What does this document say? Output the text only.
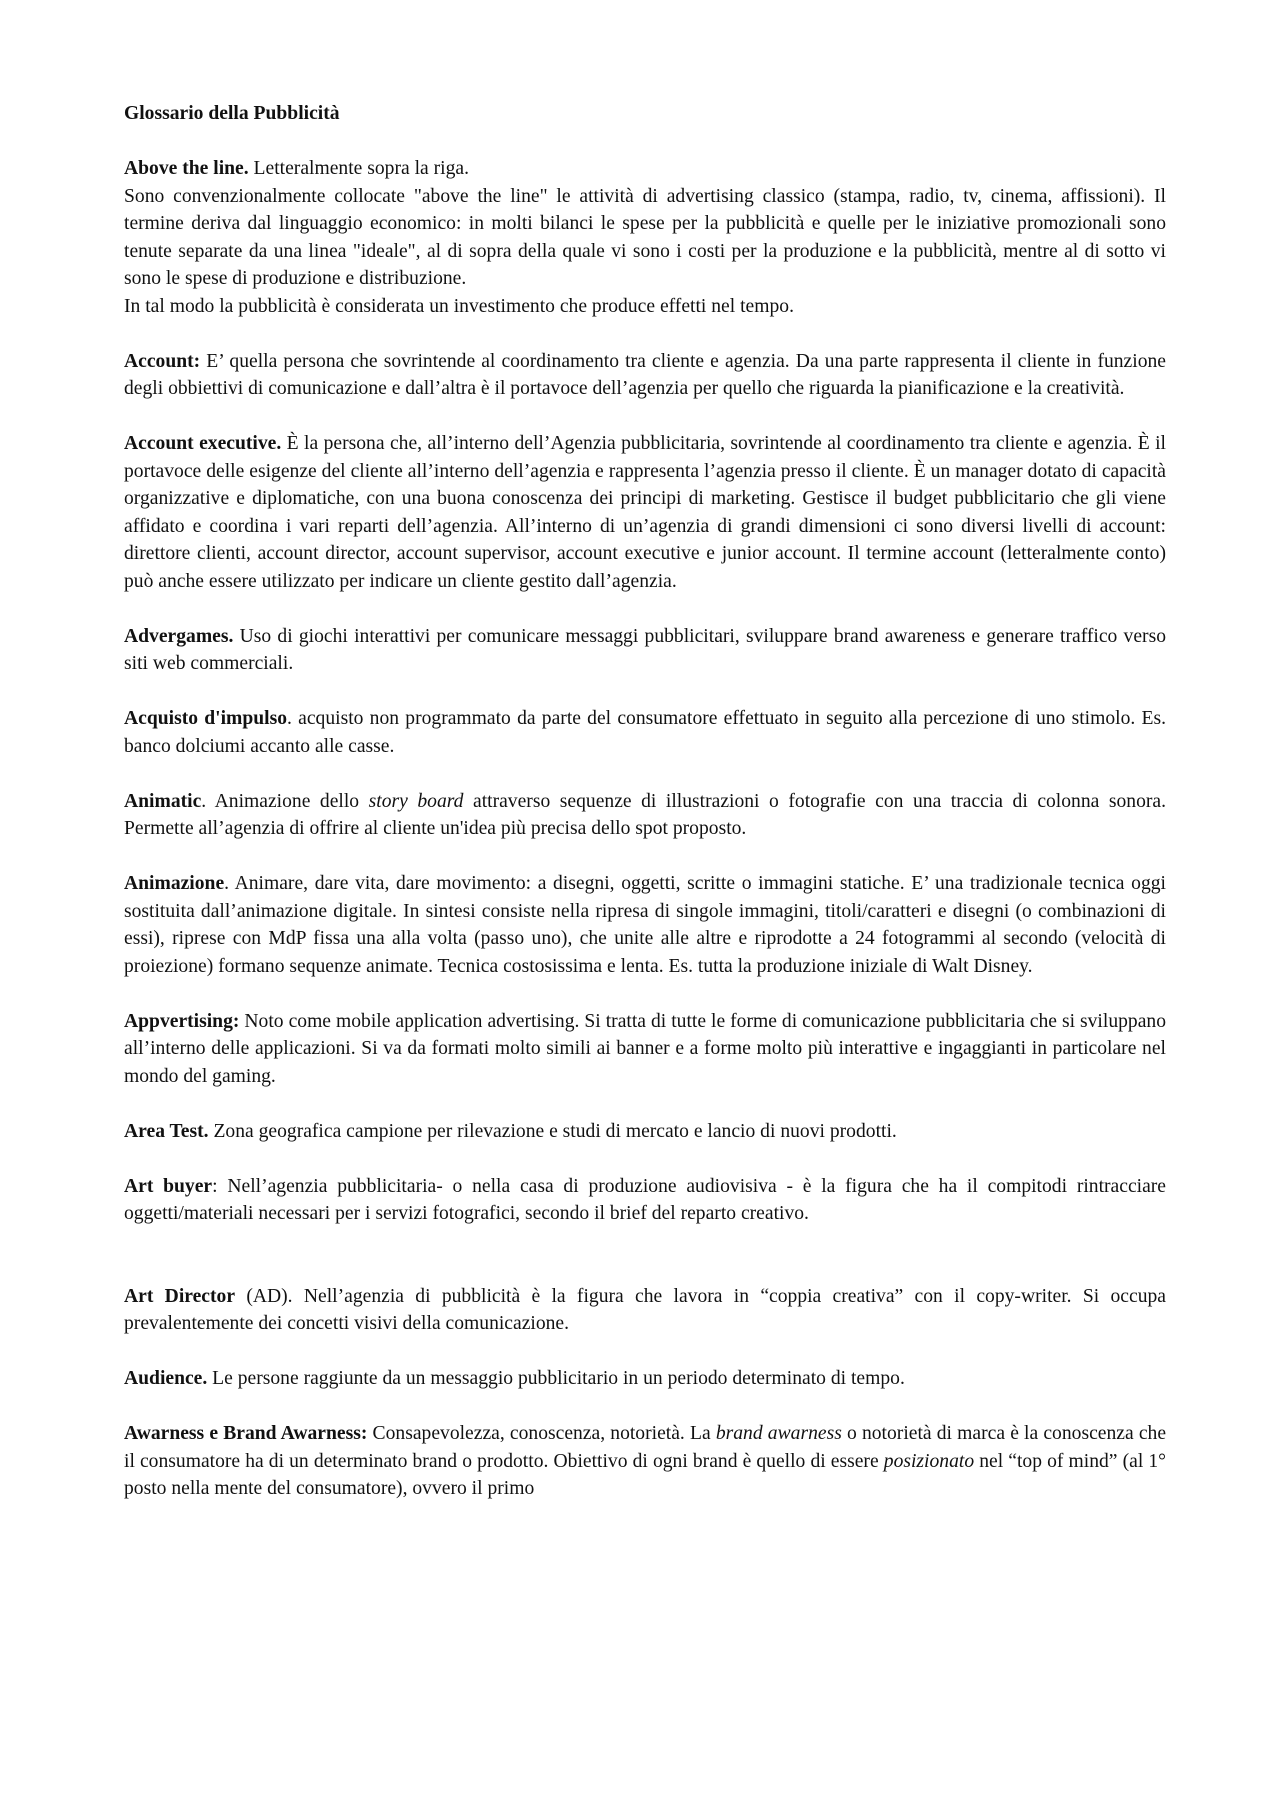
Glossario della Pubblicità

Above the line. Letteralmente sopra la riga.

Sono convenzionalmente collocate "above the line" le attività di advertising classico (stampa, radio, tv, cinema, affissioni). Il termine deriva dal linguaggio economico: in molti bilanci le spese per la pubblicità e quelle per le iniziative promozionali sono tenute separate da una linea "ideale", al di sopra della quale vi sono i costi per la produzione e la pubblicità, mentre al di sotto vi sono le spese di produzione e distribuzione.

In tal modo la pubblicità è considerata un investimento che produce effetti nel tempo.

Account: E’ quella persona che sovrintende al coordinamento tra cliente e agenzia. Da una parte rappresenta il cliente in funzione degli obbiettivi di comunicazione e dall’altra è il portavoce dell’agenzia per quello che riguarda la pianificazione e la creatività.

Account executive. È la persona che, all’interno dell’Agenzia pubblicitaria, sovrintende al coordinamento tra cliente e agenzia. È il portavoce delle esigenze del cliente all’interno dell’agenzia e rappresenta l’agenzia presso il cliente. È un manager dotato di capacità organizzative e diplomatiche, con una buona conoscenza dei principi di marketing. Gestisce il budget pubblicitario che gli viene affidato e coordina i vari reparti dell’agenzia. All’interno di un’agenzia di grandi dimensioni ci sono diversi livelli di account: direttore clienti, account director, account supervisor, account executive e junior account. Il termine account (letteralmente conto) può anche essere utilizzato per indicare un cliente gestito dall’agenzia.

Advergames. Uso di giochi interattivi per comunicare messaggi pubblicitari, sviluppare brand awareness e generare traffico verso siti web commerciali.

Acquisto d'impulso. acquisto non programmato da parte del consumatore effettuato in seguito alla percezione di uno stimolo. Es. banco dolciumi accanto alle casse.

Animatic. Animazione dello story board attraverso sequenze di illustrazioni o fotografie con una traccia di colonna sonora. Permette all’agenzia di offrire al cliente un'idea più precisa dello spot proposto.

Animazione. Animare, dare vita, dare movimento: a disegni, oggetti, scritte o immagini statiche. E’ una tradizionale tecnica oggi sostituita dall’animazione digitale. In sintesi consiste nella ripresa di singole immagini, titoli/caratteri e disegni (o combinazioni di essi), riprese con MdP fissa una alla volta (passo uno), che unite alle altre e riprodotte a 24 fotogrammi al secondo (velocità di proiezione) formano sequenze animate. Tecnica costosissima e lenta. Es. tutta la produzione iniziale di Walt Disney.

Appvertising: Noto come mobile application advertising. Si tratta di tutte le forme di comunicazione pubblicitaria che si sviluppano all’interno delle applicazioni. Si va da formati molto simili ai banner e a forme molto più interattive e ingaggianti in particolare nel mondo del gaming.

Area Test. Zona geografica campione per rilevazione e studi di mercato e lancio di nuovi prodotti.

Art buyer: Nell’agenzia pubblicitaria- o nella casa di produzione audiovisiva - è la figura che ha il compitodi rintracciare oggetti/materiali necessari per i servizi fotografici, secondo il brief del reparto creativo.

Art Director (AD). Nell’agenzia di pubblicità è la figura che lavora in “coppia creativa” con il copy-writer. Si occupa prevalentemente dei concetti visivi della comunicazione.

Audience. Le persone raggiunte da un messaggio pubblicitario in un periodo determinato di tempo.

Awarness e Brand Awarness: Consapevolezza, conoscenza, notorietà. La brand awarness o notorietà di marca è la conoscenza che il consumatore ha di un determinato brand o prodotto. Obiettivo di ogni brand è quello di essere posizionato nel “top of mind” (al 1° posto nella mente del consumatore), ovvero il primo
